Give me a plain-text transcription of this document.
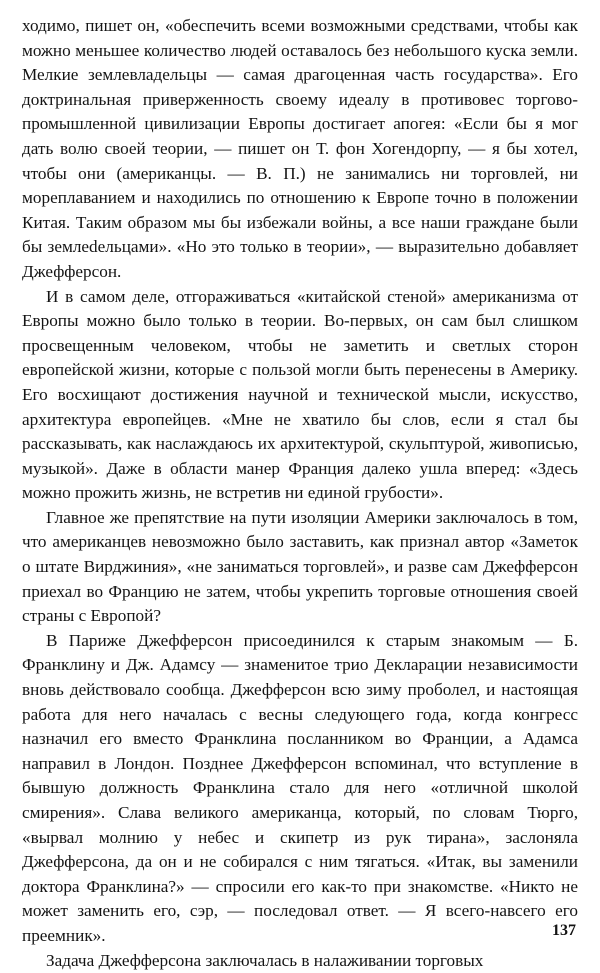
ходимо, пишет он, «обеспечить всеми возможными средствами, чтобы как можно меньшее количество людей оставалось без небольшого куска земли. Мелкие землевладельцы — самая драгоценная часть государства». Его доктринальная приверженность своему идеалу в противовес торгово-промышленной цивилизации Европы достигает апогея: «Если бы я мог дать волю своей теории, — пишет он Т. фон Хогендорпу, — я бы хотел, чтобы они (американцы. — В. П.) не занимались ни торговлей, ни мореплаванием и находились по отношению к Европе точно в положении Китая. Таким образом мы бы избежали войны, а все наши граждане были бы землedельцами». «Но это только в теории», — выразительно добавляет Джефферсон.

И в самом деле, отгораживаться «китайской стеной» американизма от Европы можно было только в теории. Во-первых, он сам был слишком просвещенным человеком, чтобы не заметить и светлых сторон европейской жизни, которые с пользой могли быть перенесены в Америку. Его восхищают достижения научной и технической мысли, искусство, архитектура европейцев. «Мне не хватило бы слов, если я стал бы рассказывать, как наслаждаюсь их архитектурой, скульптурой, живописью, музыкой». Даже в области манер Франция далеко ушла вперед: «Здесь можно прожить жизнь, не встретив ни единой грубости».

Главное же препятствие на пути изоляции Америки заключалось в том, что американцев невозможно было заставить, как признал автор «Заметок о штате Вирджиния», «не заниматься торговлей», и разве сам Джефферсон приехал во Францию не затем, чтобы укрепить торговые отношения своей страны с Европой?

В Париже Джефферсон присоединился к старым знакомым — Б. Франклину и Дж. Адамсу — знаменитое трио Декларации независимости вновь действовало сообща. Джефферсон всю зиму проболел, и настоящая работа для него началась с весны следующего года, когда конгресс назначил его вместо Франклина посланником во Франции, а Адамса направил в Лондон. Позднее Джефферсон вспоминал, что вступление в бывшую должность Франклина стало для него «отличной школой смирения». Слава великого американца, который, по словам Тюрго, «вырвал молнию у небес и скипетр из рук тирана», заслоняла Джефферсона, да он и не собирался с ним тягаться. «Итак, вы заменили доктора Франклина?» — спросили его как-то при знакомстве. «Никто не может заменить его, сэр, — последовал ответ. — Я всего-навсего его преемник».

Задача Джефферсона заключалась в налаживании торговых

137
